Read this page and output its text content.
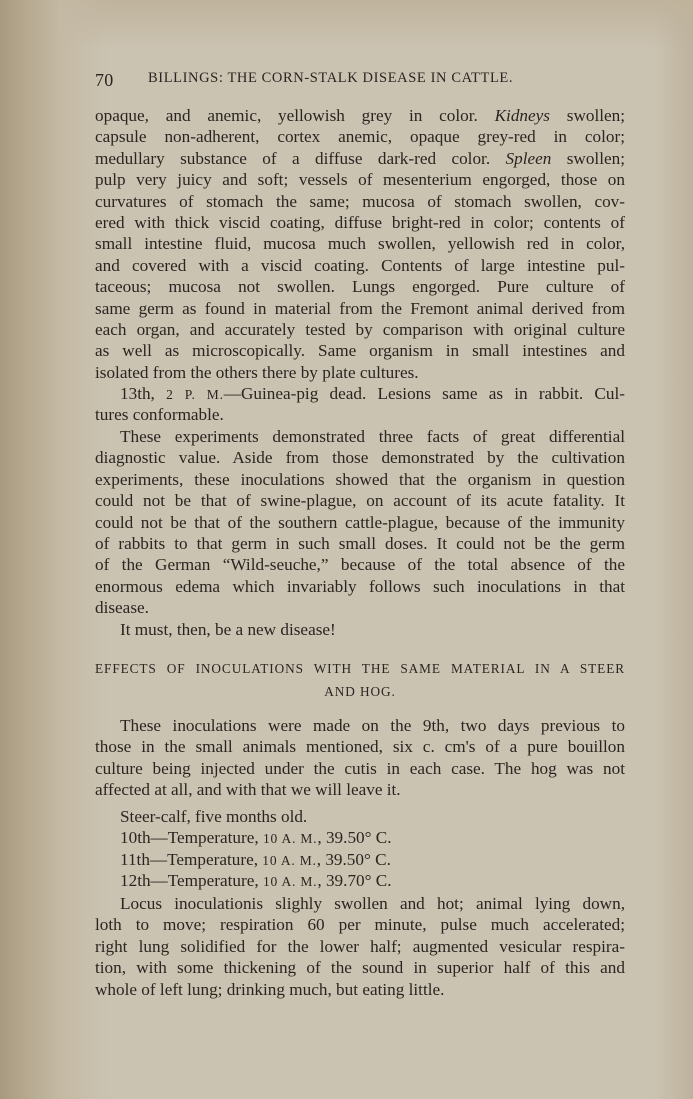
70 BILLINGS: THE CORN-STALK DISEASE IN CATTLE.
opaque, and anemic, yellowish grey in color. Kidneys swollen;
capsule non-adherent, cortex anemic, opaque grey-red in color;
medullary substance of a diffuse dark-red color. Spleen swollen;
pulp very juicy and soft; vessels of mesenterium engorged, those on
curvatures of stomach the same; mucosa of stomach swollen, cov-
ered with thick viscid coating, diffuse bright-red in color; contents of
small intestine fluid, mucosa much swollen, yellowish red in color,
and covered with a viscid coating. Contents of large intestine pul-
taceous; mucosa not swollen. Lungs engorged. Pure culture of
same germ as found in material from the Fremont animal derived from
each organ, and accurately tested by comparison with original culture
as well as microscopically. Same organism in small intestines and
isolated from the others there by plate cultures.
13th, 2 P. M.—Guinea-pig dead. Lesions same as in rabbit. Cul-
tures conformable.
These experiments demonstrated three facts of great differential
diagnostic value. Aside from those demonstrated by the cultivation
experiments, these inoculations showed that the organism in question
could not be that of swine-plague, on account of its acute fatality. It
could not be that of the southern cattle-plague, because of the immunity
of rabbits to that germ in such small doses. It could not be the germ
of the German “Wild-seuche,” because of the total absence of the
enormous edema which invariably follows such inoculations in that
disease.
It must, then, be a new disease!
EFFECTS OF INOCULATIONS WITH THE SAME MATERIAL IN A STEER
AND HOG.
These inoculations were made on the 9th, two days previous to
those in the small animals mentioned, six c. cm's of a pure bouillon
culture being injected under the cutis in each case. The hog was not
affected at all, and with that we will leave it.
Steer-calf, five months old.
10th—Temperature, 10 A. M., 39.50° C.
11th—Temperature, 10 A. M., 39.50° C.
12th—Temperature, 10 A. M., 39.70° C.
Locus inoculationis slighly swollen and hot; animal lying down,
loth to move; respiration 60 per minute, pulse much accelerated;
right lung solidified for the lower half; augmented vesicular respira-
tion, with some thickening of the sound in superior half of this and
whole of left lung; drinking much, but eating little.
